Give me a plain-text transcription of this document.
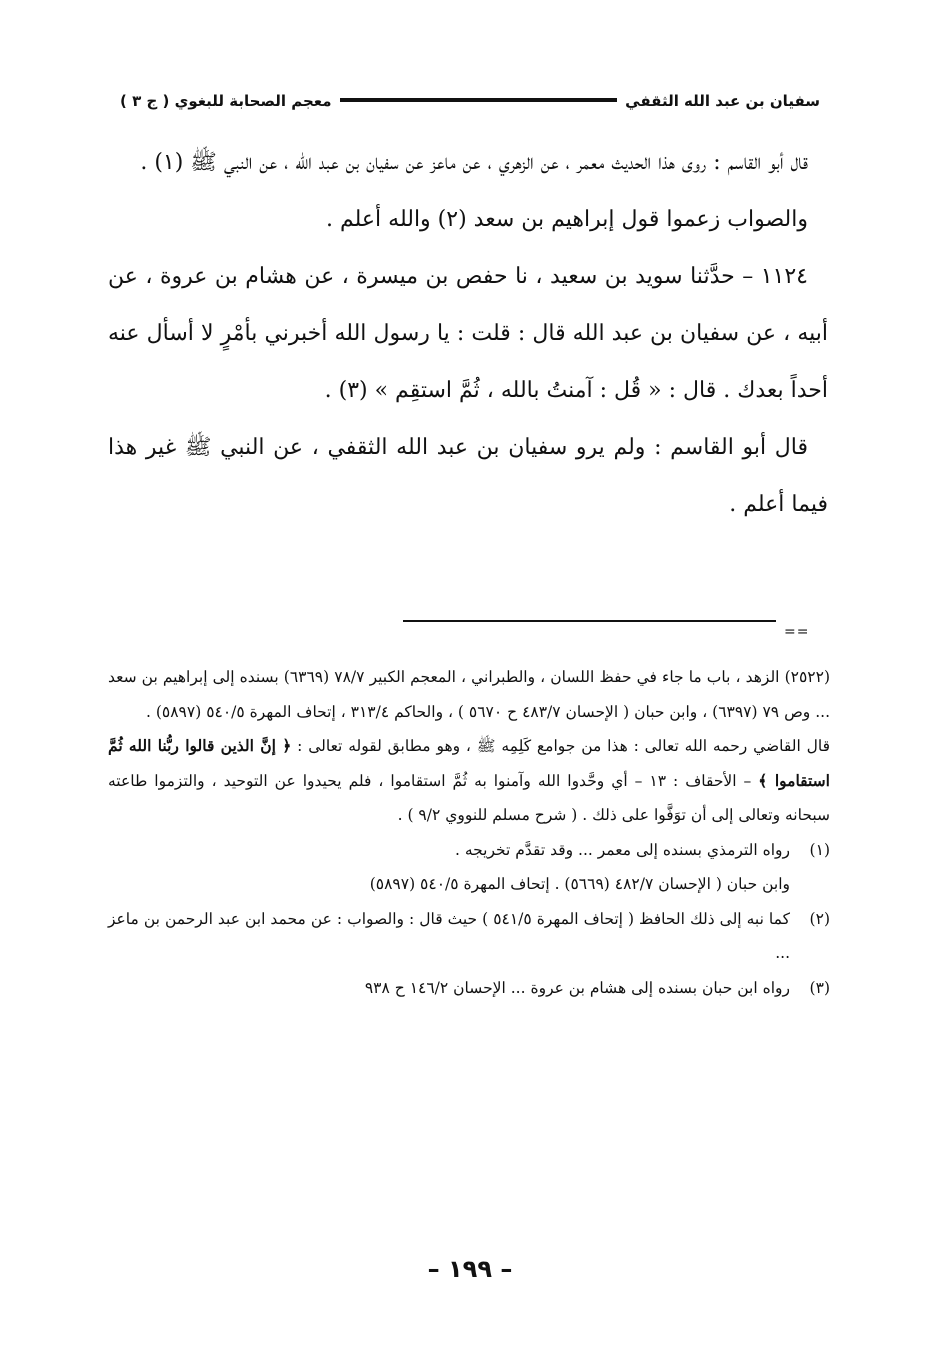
سفيان بن عبد الله الثقفي
معجم الصحابة للبغوي ( ج ٣ )

قال أبو القاسم : روى هذا الحديث معمر ، عن الزهري ، عن ماعز عن سفيان بن عبد الله ، عن النبي ﷺ (١) .

والصواب زعموا قول إبراهيم بن سعد (٢) والله أعلم .

١١٢٤ – حدَّثنا سويد بن سعيد ، نا حفص بن ميسرة ، عن هشام بن عروة ، عن أبيه ، عن سفيان بن عبد الله قال : قلت : يا رسول الله أخبرني بأمْرٍ لا أسأل عنه أحداً بعدك . قال : « قُل : آمنتُ بالله ، ثُمَّ استقِم » (٣) .

قال أبو القاسم : ولم يرو سفيان بن عبد الله الثقفي ، عن النبي ﷺ غير هذا فيما أعلم .

==

(٢٥٢٢) الزهد ، باب ما جاء في حفظ اللسان ، والطبراني ، المعجم الكبير ٧٨/٧ (٦٣٦٩) بسنده إلى إبراهيم بن سعد ... وص ٧٩ (٦٣٩٧) ، وابن حبان ( الإحسان ٤٨٣/٧ ح ٥٦٧٠ ) ، والحاكم ٣١٣/٤ ، إتحاف المهرة ٥٤٠/٥ (٥٨٩٧) .

قال القاضي رحمه الله تعالى : هذا من جوامع كَلِمِه ﷺ ، وهو مطابق لقوله تعالى : ﴿ إنَّ الذين قالوا ربُّنا الله ثُمَّ استقاموا ﴾ – الأحقاف : ١٣ – أي وحَّدوا الله وآمنوا به ثُمَّ استقاموا ، فلم يحيدوا عن التوحيد ، والتزموا طاعته سبحانه وتعالى إلى أن توَفَّوا على ذلك . ( شرح مسلم للنووي ٩/٢ ) .

(١)

رواه الترمذي بسنده إلى معمر ... وقد تقدَّم تخريجه .

وابن حبان ( الإحسان ٤٨٢/٧ (٥٦٦٩) . إتحاف المهرة ٥٤٠/٥ (٥٨٩٧)

(٢)

كما نبه إلى ذلك الحافظ ( إتحاف المهرة ٥٤١/٥ ) حيث قال : والصواب : عن محمد ابن عبد الرحمن بن ماعز ...

(٣)

رواه ابن حبان بسنده إلى هشام بن عروة ... الإحسان ١٤٦/٢ ح ٩٣٨

– ١٩٩ –
